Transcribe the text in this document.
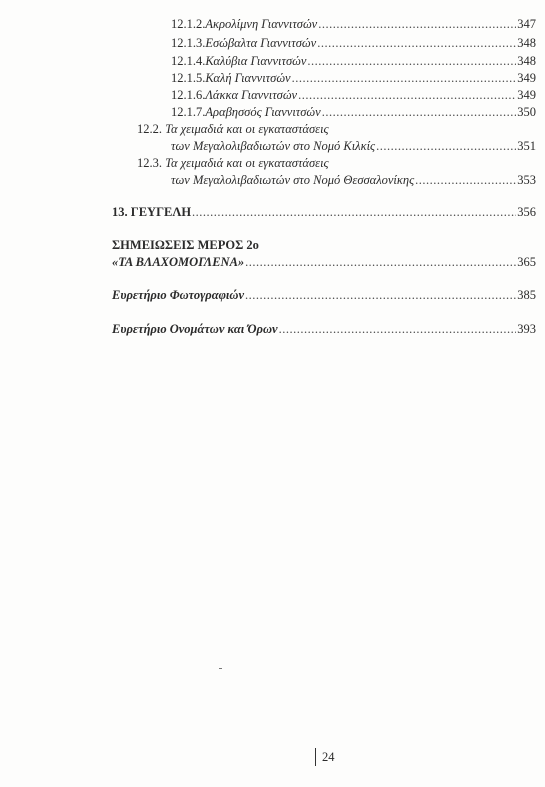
12.1.2. Ακρολίμνη Γιαννιτσών .....	347
12.1.3. Εσώβαλτα Γιαννιτσών .....	348
12.1.4. Καλύβια Γιαννιτσών .....	348
12.1.5. Καλή Γιαννιτσών .....	349
12.1.6. Λάκκα Γιαννιτσών .....	349
12.1.7. Αραβησσός Γιαννιτσών .....	350
12.2. Τα χειμαδιά και οι εγκαταστάσεις
των Μεγαλολιβαδιωτών στο Νομό Κιλκίς .....	351
12.3. Τα χειμαδιά και οι εγκαταστάσεις
των Μεγαλολιβαδιωτών στο Νομό Θεσσαλονίκης .....	353
13. ΓΕΥΓΕΛΗ .....	356
ΣΗΜΕΙΩΣΕΙΣ ΜΕΡΟΣ 2ο
«ΤΑ ΒΛΑΧΟΜΟΓΛΕΝΑ» .....	365
Ευρετήριο Φωτογραφιών .....	385
Ευρετήριο Ονομάτων και Όρων .....	393
24
